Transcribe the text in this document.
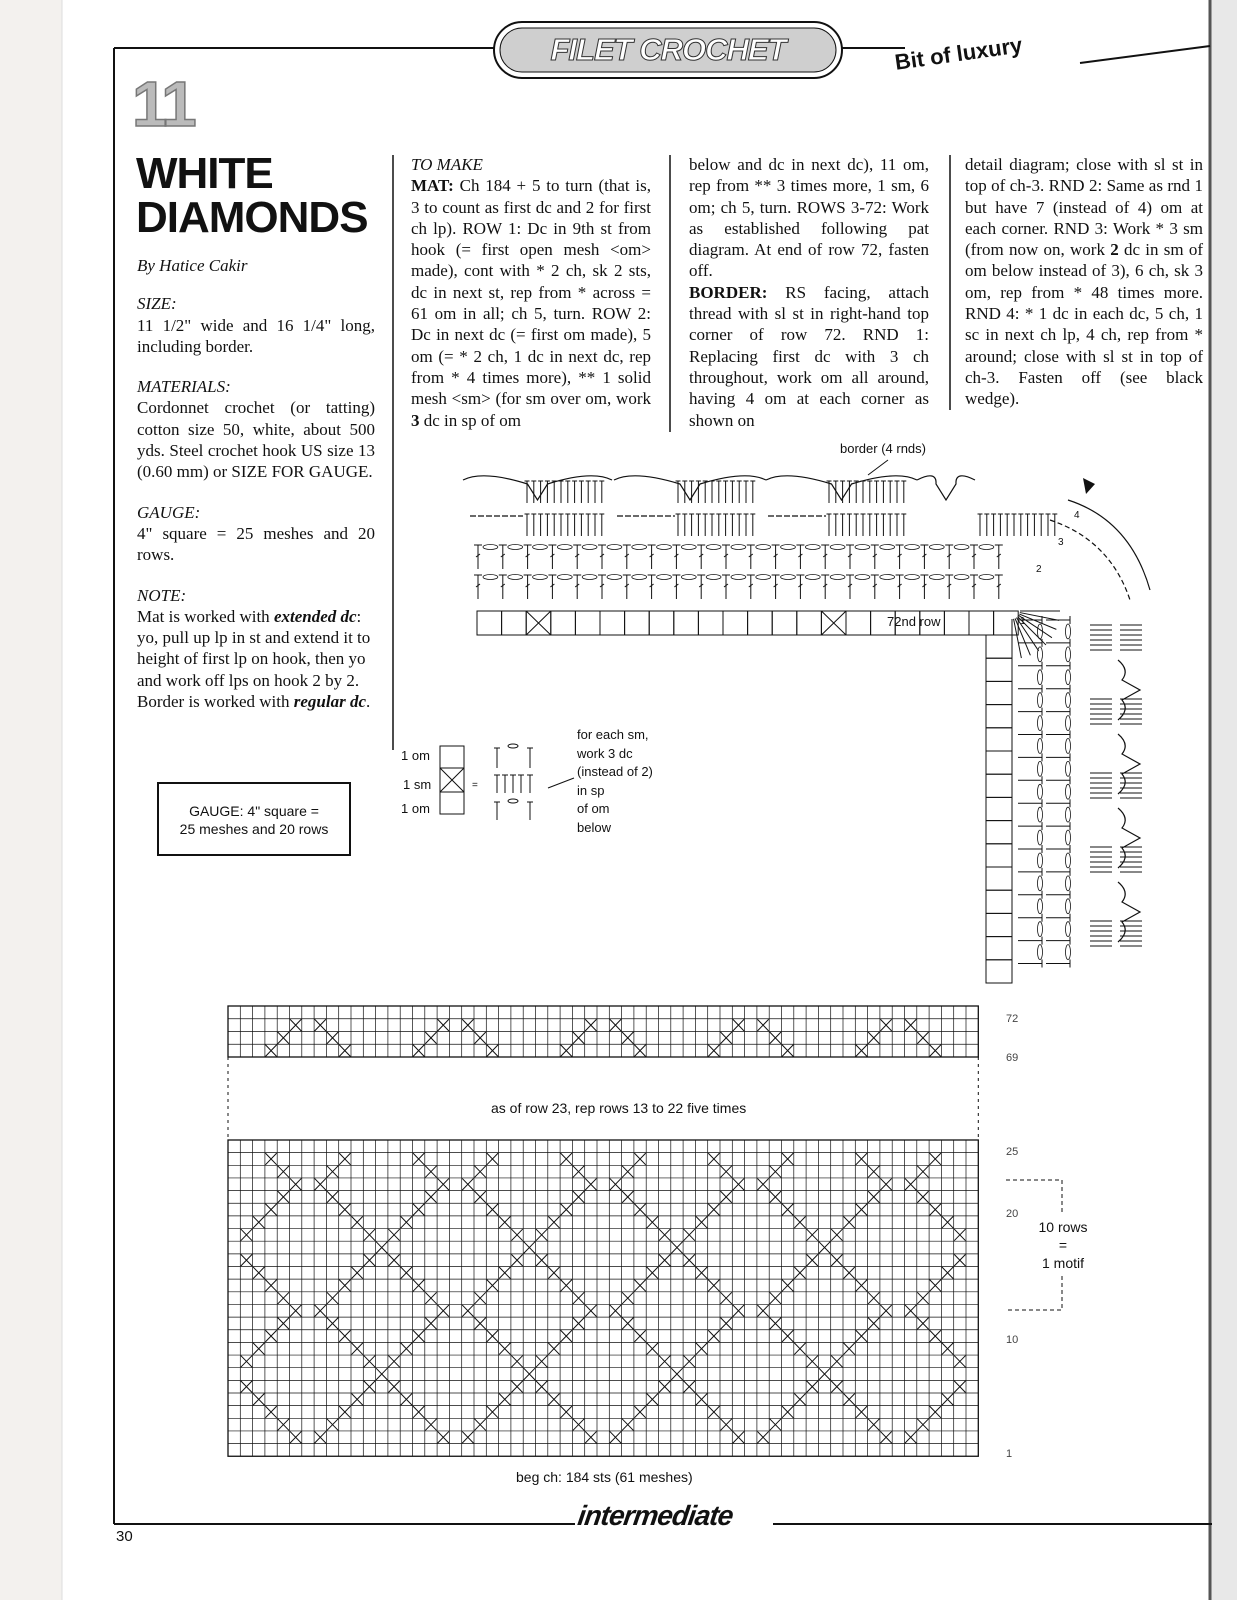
FILET CROCHET	Bit of luxury
11
WHITE
DIAMONDS

By Hatice Cakir

SIZE:

11 1/2" wide and 16 1/4" long, including border.

MATERIALS:

Cordonnet crochet (or tatting) cotton size 50, white, about 500 yds. Steel crochet hook US size 13 (0.60 mm) or SIZE FOR GAUGE.

GAUGE:

4" square = 25 meshes and 20 rows.

NOTE:

Mat is worked with extended dc: yo, pull up lp in st and extend it to height of first lp on hook, then yo and work off lps on hook 2 by 2. Border is worked with regular dc.

GAUGE: 4" square =
25 meshes and 20 rows

TO MAKE

MAT: Ch 184 + 5 to turn (that is, 3 to count as first dc and 2 for first ch lp). ROW 1: Dc in 9th st from hook (= first open mesh <om> made), cont with * 2 ch, sk 2 sts, dc in next st, rep from * across = 61 om in all; ch 5, turn. ROW 2: Dc in next dc (= first om made), 5 om (= * 2 ch, 1 dc in next dc, rep from * 4 times more), ** 1 solid mesh <sm> (for sm over om, work 3 dc in sp of om

below and dc in next dc), 11 om, rep from ** 3 times more, 1 sm, 6 om; ch 5, turn. ROWS 3-72: Work as established following pat diagram. At end of row 72, fasten off.

BORDER: RS facing, attach thread with sl st in right-hand top corner of row 72. RND 1: Replacing first dc with 3 ch throughout, work om all around, having 4 om at each corner as shown on

detail diagram; close with sl st in top of ch-3. RND 2: Same as rnd 1 but have 7 (instead of 4) om at each corner. RND 3: Work * 3 sm (from now on, work 2 dc in sm of om below instead of 3), 6 ch, sk 3 om, rep from * 48 times more. RND 4: * 1 dc in each dc, 5 ch, 1 sc in next ch lp, 4 ch, rep from * around; close with sl st in top of ch-3. Fasten off (see black wedge).

border (4 rnds)
72nd row	1
2
3
4
1 om
1 sm
1 om
=
for each sm,
work 3 dc
(instead of 2)
in sp
of om
below
72
69
as of row 23, rep rows 13 to 22 five times
25
20
10
1
10 rows
=
1 motif
beg ch: 184 sts (61 meshes)
30
intermediate
